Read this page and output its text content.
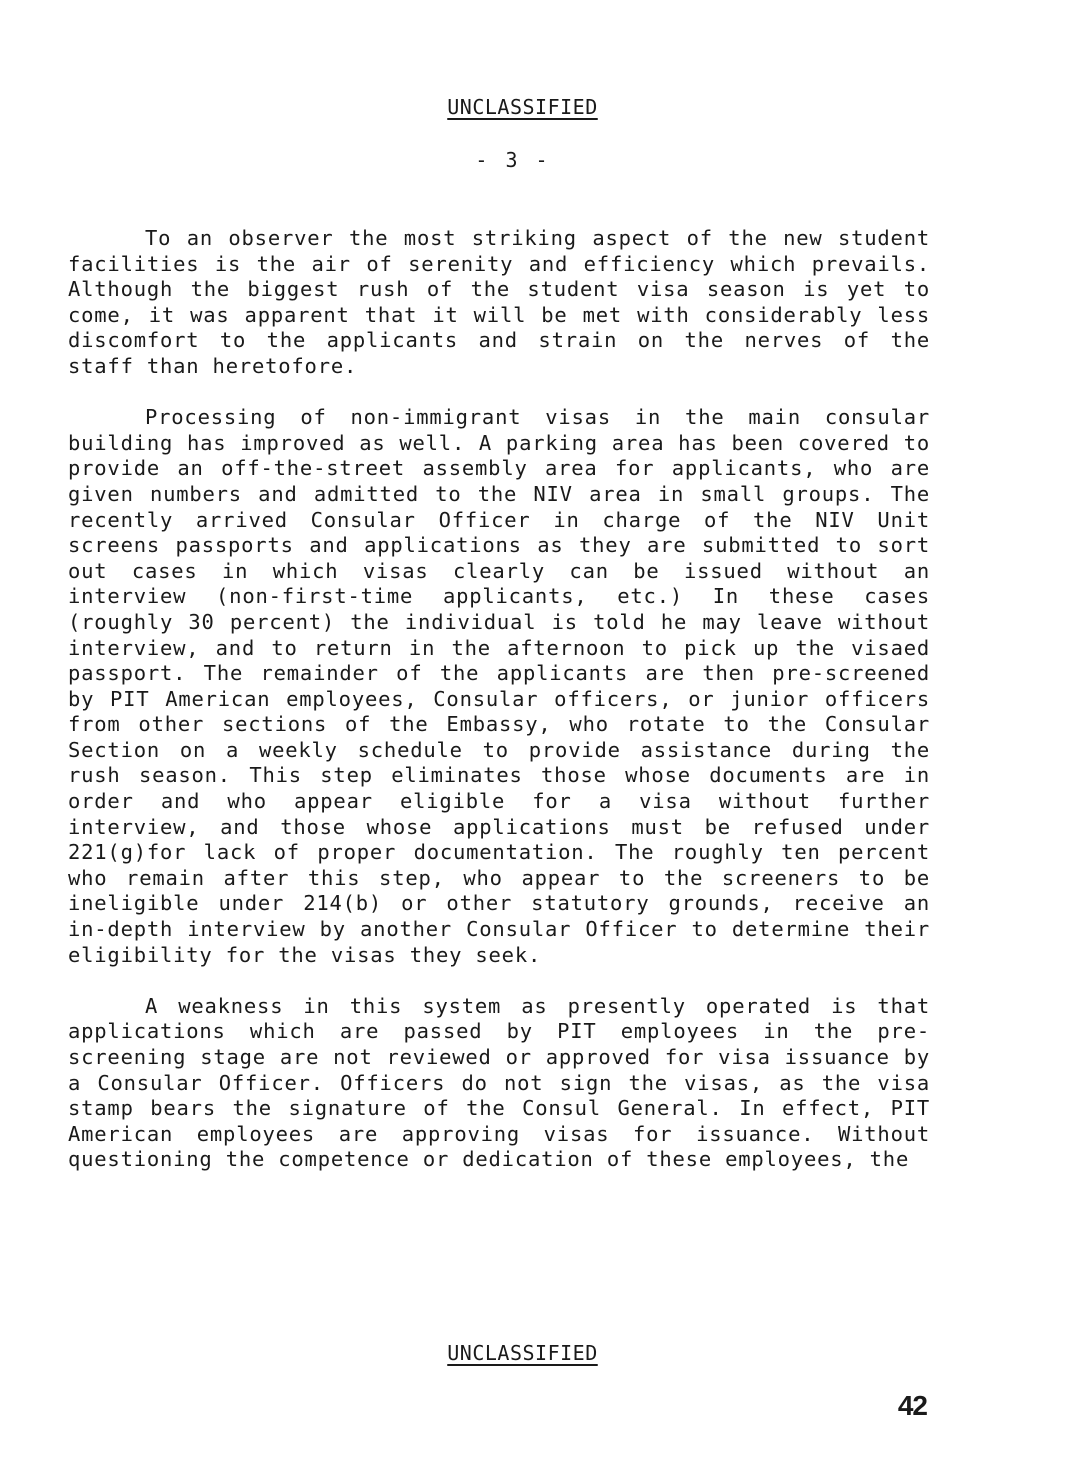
UNCLASSIFIED
- 3 -

To an observer the most striking aspect of the new student facilities is the air of serenity and efficiency which prevails. Although the biggest rush of the student visa season is yet to come, it was apparent that it will be met with considerably less discomfort to the applicants and strain on the nerves of the staff than heretofore.

Processing of non-immigrant visas in the main consular building has improved as well. A parking area has been covered to provide an off-the-street assembly area for applicants, who are given numbers and admitted to the NIV area in small groups. The recently arrived Consular Officer in charge of the NIV Unit screens passports and applications as they are submitted to sort out cases in which visas clearly can be issued without an interview (non-first-time applicants, etc.) In these cases (roughly 30 percent) the individual is told he may leave without interview, and to return in the afternoon to pick up the visaed passport. The remainder of the applicants are then pre-screened by PIT American employees, Consular officers, or junior officers from other sections of the Embassy, who rotate to the Consular Section on a weekly schedule to provide assistance during the rush season. This step eliminates those whose documents are in order and who appear eligible for a visa without further interview, and those whose applications must be refused under 221(g)for lack of proper documentation. The roughly ten percent who remain after this step, who appear to the screeners to be ineligible under 214(b) or other statutory grounds, receive an in-depth interview by another Consular Officer to determine their eligibility for the visas they seek.

A weakness in this system as presently operated is that applications which are passed by PIT employees in the pre-screening stage are not reviewed or approved for visa issuance by a Consular Officer. Officers do not sign the visas, as the visa stamp bears the signature of the Consul General. In effect, PIT American employees are approving visas for issuance. Without questioning the competence or dedication of these employees, the

UNCLASSIFIED
42
